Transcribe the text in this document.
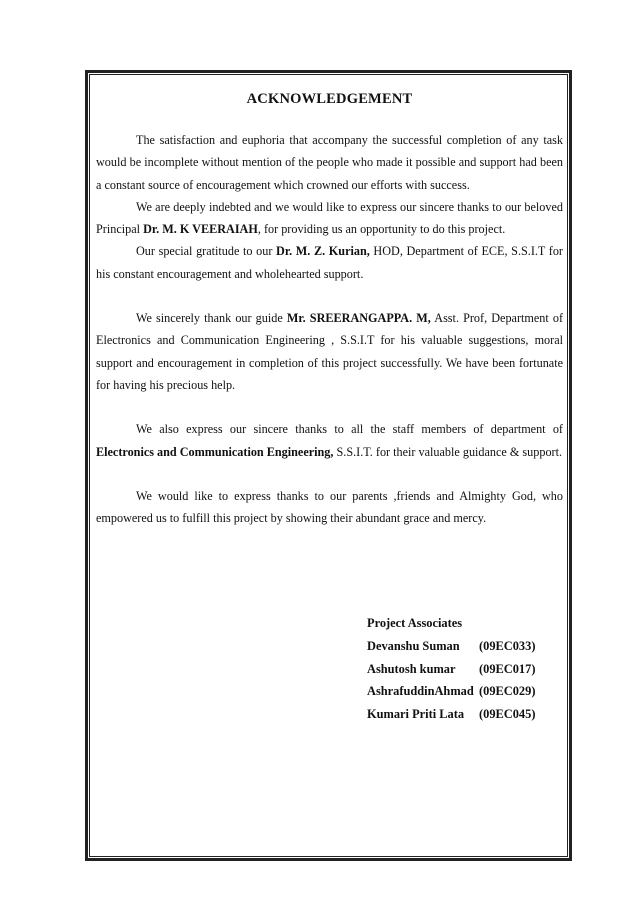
ACKNOWLEDGEMENT

The satisfaction and euphoria that accompany the successful completion of any task would be incomplete without mention of the people who made it possible and support had been a constant source of encouragement which crowned our efforts with success.

We are deeply indebted and we would like to express our sincere thanks to our beloved Principal Dr. M. K VEERAIAH, for providing us an opportunity to do this project.

Our special gratitude to our Dr. M. Z. Kurian, HOD, Department of ECE, S.S.I.T for his constant encouragement and wholehearted support.

We sincerely thank our guide Mr. SREERANGAPPA. M, Asst. Prof, Department of Electronics and Communication Engineering , S.S.I.T for his valuable suggestions, moral support and encouragement in completion of this project successfully. We have been fortunate for having his precious help.

We also express our sincere thanks to all the staff members of department of Electronics and Communication Engineering, S.S.I.T. for their valuable guidance & support.

We would like to express thanks to our parents ,friends and Almighty God, who empowered us to fulfill this project by showing their abundant grace and mercy.

Project Associates
Devanshu Suman (09EC033)
Ashutosh kumar (09EC017)
AshrafuddinAhmad (09EC029)
Kumari Priti Lata (09EC045)
